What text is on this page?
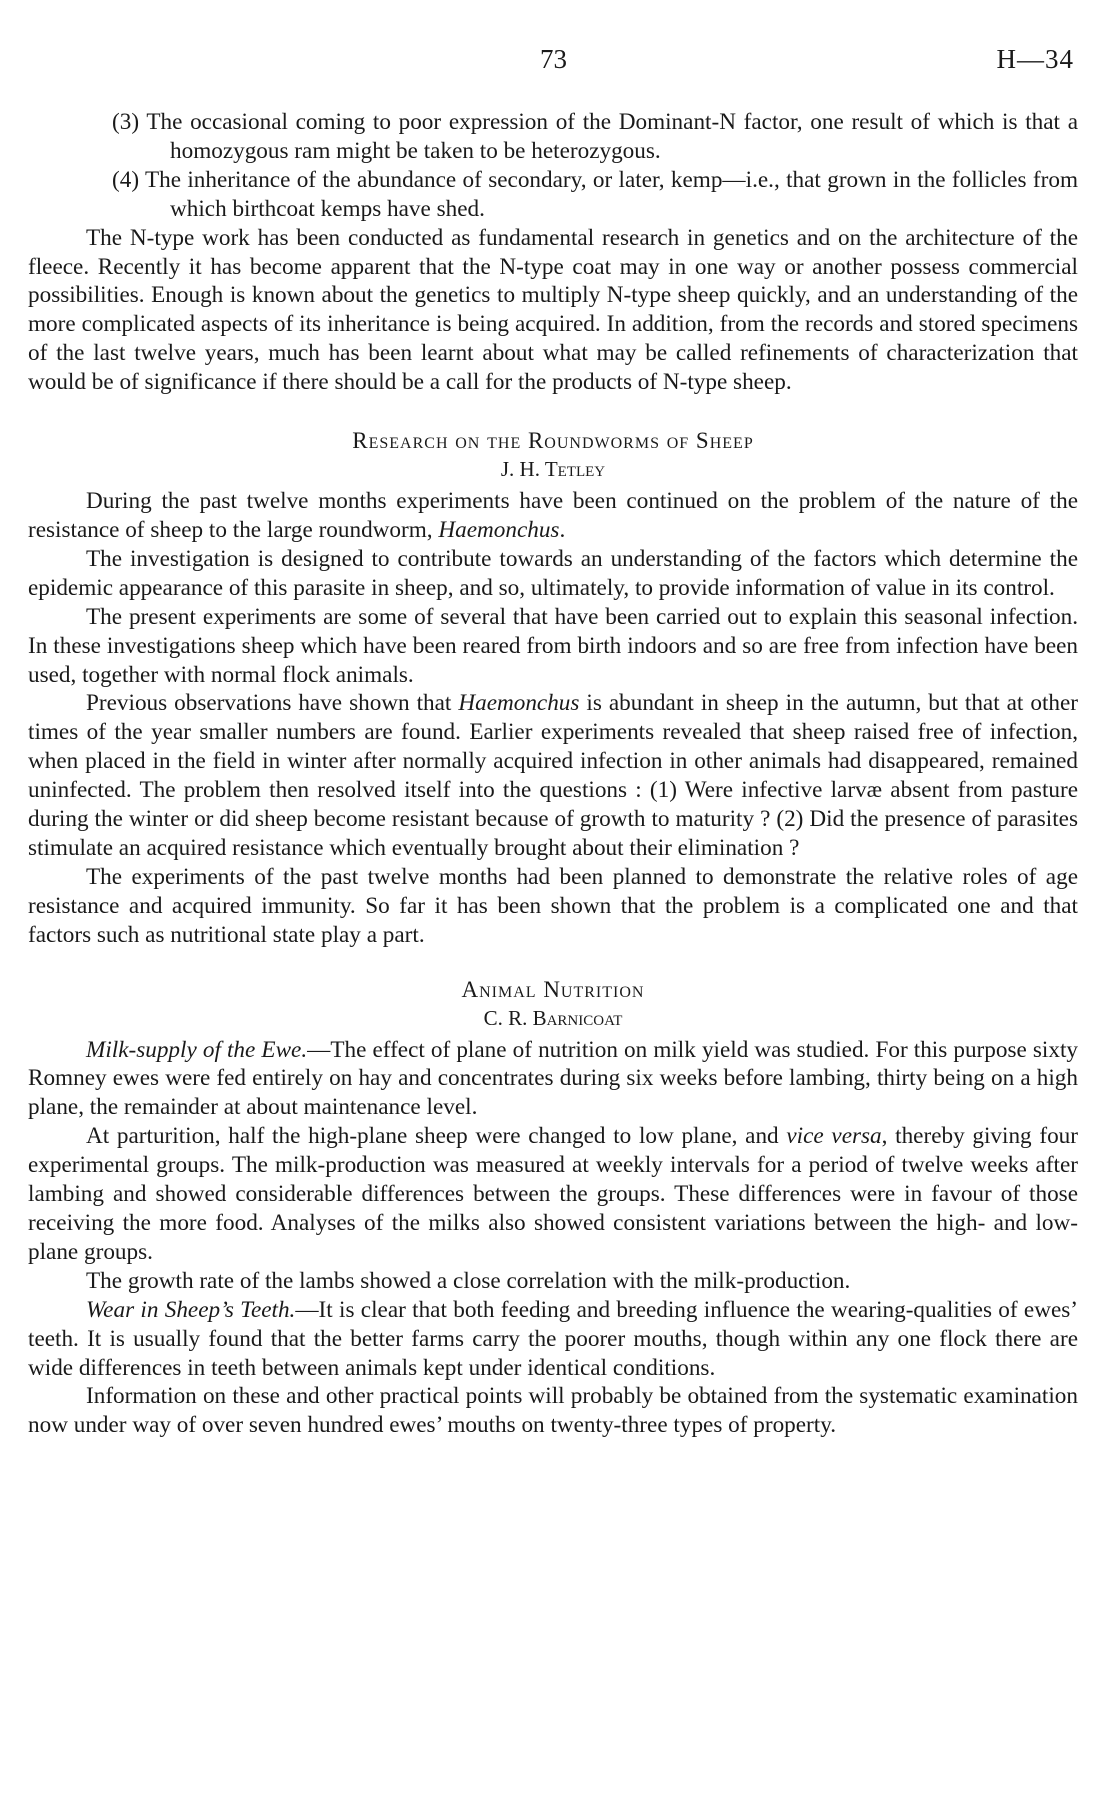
73	H—34

(3) The occasional coming to poor expression of the Dominant-N factor, one result of which is that a homozygous ram might be taken to be heterozygous.

(4) The inheritance of the abundance of secondary, or later, kemp—i.e., that grown in the follicles from which birthcoat kemps have shed.

The N-type work has been conducted as fundamental research in genetics and on the architecture of the fleece. Recently it has become apparent that the N-type coat may in one way or another possess commercial possibilities. Enough is known about the genetics to multiply N-type sheep quickly, and an understanding of the more complicated aspects of its inheritance is being acquired. In addition, from the records and stored specimens of the last twelve years, much has been learnt about what may be called refinements of characterization that would be of significance if there should be a call for the products of N-type sheep.

Research on the Roundworms of Sheep
J. H. Tetley

During the past twelve months experiments have been continued on the problem of the nature of the resistance of sheep to the large roundworm, Haemonchus.

The investigation is designed to contribute towards an understanding of the factors which determine the epidemic appearance of this parasite in sheep, and so, ultimately, to provide information of value in its control.

The present experiments are some of several that have been carried out to explain this seasonal infection. In these investigations sheep which have been reared from birth indoors and so are free from infection have been used, together with normal flock animals.

Previous observations have shown that Haemonchus is abundant in sheep in the autumn, but that at other times of the year smaller numbers are found. Earlier experiments revealed that sheep raised free of infection, when placed in the field in winter after normally acquired infection in other animals had disappeared, remained uninfected. The problem then resolved itself into the questions : (1) Were infective larvæ absent from pasture during the winter or did sheep become resistant because of growth to maturity ? (2) Did the presence of parasites stimulate an acquired resistance which eventually brought about their elimination ?

The experiments of the past twelve months had been planned to demonstrate the relative roles of age resistance and acquired immunity. So far it has been shown that the problem is a complicated one and that factors such as nutritional state play a part.

Animal Nutrition
C. R. Barnicoat

Milk-supply of the Ewe.—The effect of plane of nutrition on milk yield was studied. For this purpose sixty Romney ewes were fed entirely on hay and concentrates during six weeks before lambing, thirty being on a high plane, the remainder at about maintenance level.

At parturition, half the high-plane sheep were changed to low plane, and vice versa, thereby giving four experimental groups. The milk-production was measured at weekly intervals for a period of twelve weeks after lambing and showed considerable differences between the groups. These differences were in favour of those receiving the more food. Analyses of the milks also showed consistent variations between the high- and low-plane groups.

The growth rate of the lambs showed a close correlation with the milk-production.

Wear in Sheep’s Teeth.—It is clear that both feeding and breeding influence the wearing-qualities of ewes’ teeth. It is usually found that the better farms carry the poorer mouths, though within any one flock there are wide differences in teeth between animals kept under identical conditions.

Information on these and other practical points will probably be obtained from the systematic examination now under way of over seven hundred ewes’ mouths on twenty-three types of property.
